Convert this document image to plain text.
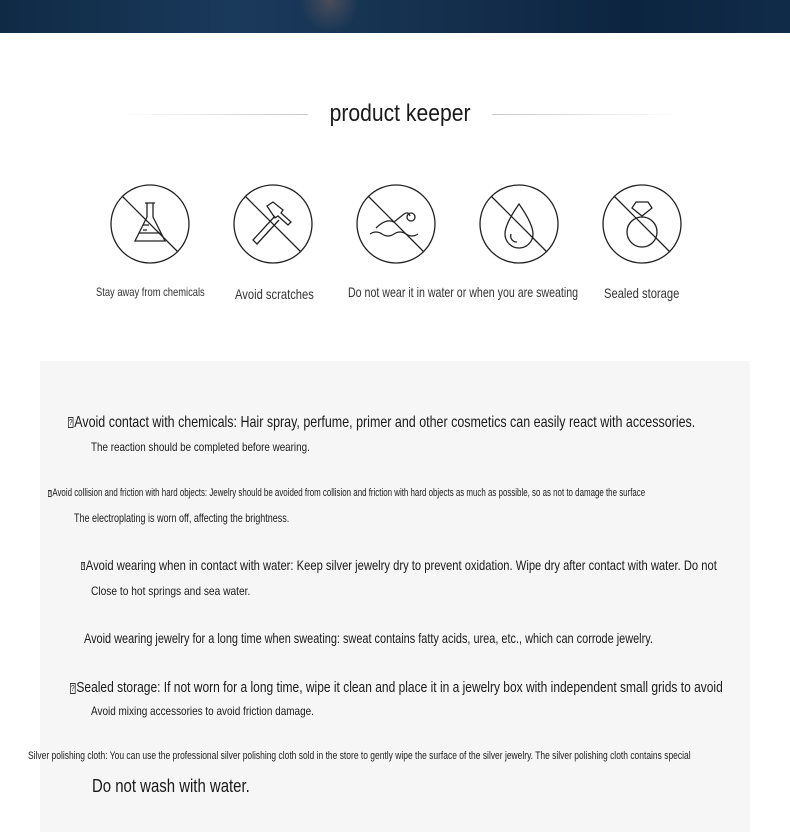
product keeper
Stay away from chemicals Avoid scratches Do not wear it in water or when you are sweating Sealed storage
? Avoid contact with chemicals: Hair spray, perfume, primer and other cosmetics can easily react with accessories.
The reaction should be completed before wearing.
?Avoid collision and friction with hard objects: Jewelry should be avoided from collision and friction with hard objects as much as possible, so as not to damage the surface
The electroplating is worn off, affecting the brightness.
?Avoid wearing when in contact with water: Keep silver jewelry dry to prevent oxidation. Wipe dry after contact with water. Do not
Close to hot springs and sea water.
Avoid wearing jewelry for a long time when sweating: sweat contains fatty acids, urea, etc., which can corrode jewelry.
? Sealed storage: If not worn for a long time, wipe it clean and place it in a jewelry box with independent small grids to avoid
Avoid mixing accessories to avoid friction damage.
Silver polishing cloth: You can use the professional silver polishing cloth sold in the store to gently wipe the surface of the silver jewelry. The silver polishing cloth contains special
Do not wash with water.
